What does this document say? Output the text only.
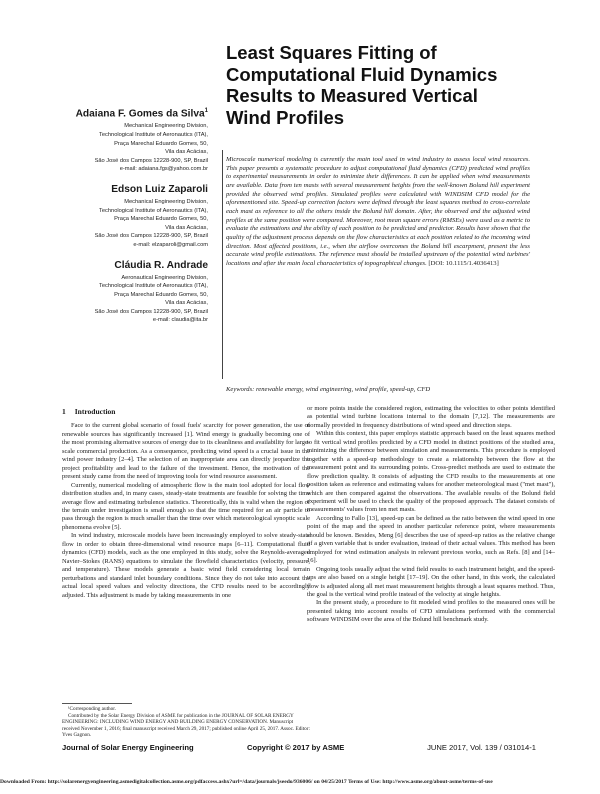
Least Squares Fitting of Computational Fluid Dynamics Results to Measured Vertical Wind Profiles
Adaiana F. Gomes da Silva$^1$
Mechanical Engineering Division,
Technological Institute of Aeronautics (ITA),
Praça Marechal Eduardo Gomes, 50,
Vila das Acácias,
São José dos Campos 12228-900, SP, Brazil
e-mail: adaiana.fgs@yahoo.com.br
Edson Luiz Zaparoli
Mechanical Engineering Division,
Technological Institute of Aeronautics (ITA),
Praça Marechal Eduardo Gomes, 50,
Vila das Acácias,
São José dos Campos 12228-900, SP, Brazil
e-mail: elzaparoli@gmail.com
Cláudia R. Andrade
Aeronautical Engineering Division,
Technological Institute of Aeronautics (ITA),
Praça Marechal Eduardo Gomes, 50,
Vila das Acácias,
São José dos Campos 12228-900, SP, Brazil
e-mail: claudia@ita.br

Microscale numerical modeling is currently the main tool used in wind industry to assess local wind resources. This paper presents a systematic procedure to adjust computational fluid dynamics (CFD) predicted wind profiles to experimental measurements in order to minimize their differences. It can be applied when wind measurements are available. Data from ten masts with several measurement heights from the well-known Bolund hill experiment provided the observed wind profiles. Simulated profiles were calculated with WINDSIM CFD model for the aforementioned site. Speed-up correction factors were defined through the least squares method to cross-correlate each mast as reference to all the others inside the Bolund hill domain. After, the observed and the adjusted wind profiles at the same position were compared. Moreover, root mean square errors (RMSEs) were used as a metric to evaluate the estimations and the ability of each position to be predicted and predictor. Results have shown that the quality of the adjustment process depends on the flow characteristics at each position related to the incoming wind direction. Most affected positions, i.e., when the airflow overcomes the Bolund hill escarpment, present the less accurate wind profile estimations. The reference mast should be installed upstream of the potential wind turbines' locations and after the main local characteristics of topographical changes. [DOI: 10.1115/1.4036413]

Keywords: renewable energy, wind engineering, wind profile, speed-up, CFD

1 Introduction

Face to the current global scenario of fossil fuels' scarcity for power generation, the use of renewable sources has significantly increased [1]. Wind energy is gradually becoming one of the most promising alternative sources of energy due to its cleanliness and availability for large-scale commercial production. As a consequence, predicting wind speed is a crucial issue in the wind power industry [2–4]. The selection of an inappropriate area can directly jeopardize the project profitability and lead to the failure of the investment. Hence, the motivation of the present study came from the need of improving tools for wind resource assessment.

Currently, numerical modeling of atmospheric flow is the main tool adopted for local flow distribution studies and, in many cases, steady-state treatments are feasible for solving the time average flow and estimating turbulence statistics. Theoretically, this is valid when the region of the terrain under investigation is small enough so that the time required for an air particle to pass through the region is much smaller than the time over which meteorological synoptic scale phenomena evolve [5].

In wind industry, microscale models have been increasingly employed to solve steady-state flow in order to obtain three-dimensional wind resource maps [6–11]. Computational fluid dynamics (CFD) models, such as the one employed in this study, solve the Reynolds-averaged Navier–Stokes (RANS) equations to simulate the flowfield characteristics (velocity, pressure, and temperature). These models generate a basic wind field considering local terrain perturbations and standard inlet boundary conditions. Since they do not take into account the actual local speed values and velocity directions, the CFD results need to be accordingly adjusted. This adjustment is made by taking measurements in one

or more points inside the considered region, estimating the velocities to other points identified as potential wind turbine locations internal to the domain [7,12]. The measurements are normally provided in frequency distributions of wind speed and direction steps.

Within this context, this paper employs statistic approach based on the least squares method to fit vertical wind profiles predicted by a CFD model in distinct positions of the studied area, minimizing the difference between simulation and measurements. This procedure is employed together with a speed-up methodology to create a relationship between the flow at the measurement point and its surrounding points. Cross-predict methods are used to estimate the flow prediction quality. It consists of adjusting the CFD results to the measurements at one position taken as reference and estimating values for another meteorological mast ("met mast"), which are then compared against the observations. The available results of the Bolund field experiment will be used to check the quality of the proposed approach. The dataset consists of measurements' values from ten met masts.

According to Fallo [13], speed-up can be defined as the ratio between the wind speed in one point of the map and the speed in another particular reference point, where measurements should be known. Besides, Meng [6] describes the use of speed-up ratios as the relative change of a given variable that is under evaluation, instead of their actual values. This method has been employed for wind estimation analysis in relevant previous works, such as Refs. [8] and [14–16].

Ongoing tools usually adjust the wind field results to each instrument height, and the speed-ups are also based on a single height [17–19]. On the other hand, in this work, the calculated flow is adjusted along all met mast measurement heights through a least squares method. Thus, the goal is the vertical wind profile instead of the velocity at single heights.

In the present study, a procedure to fit modeled wind profiles to the measured ones will be presented taking into account results of CFD simulations performed with the commercial software WINDSIM over the area of the Bolund hill benchmark study.

¹Corresponding author.

Contributed by the Solar Energy Division of ASME for publication in the JOURNAL OF SOLAR ENERGY ENGINEERING: INCLUDING WIND ENERGY AND BUILDING ENERGY CONSERVATION. Manuscript received November 1, 2016; final manuscript received March 29, 2017; published online April 25, 2017. Assoc. Editor: Yves Gagnon.

Journal of Solar Energy Engineering	Copyright © 2017 by ASME	JUNE 2017, Vol. 139 / 031014-1
Downloaded From: http://solarenergyengineering.asmedigitalcollection.asme.org/pdfaccess.ashx?url=/data/journals/jseedo/936006/ on 04/25/2017 Terms of Use: http://www.asme.org/about-asme/terms-of-use
